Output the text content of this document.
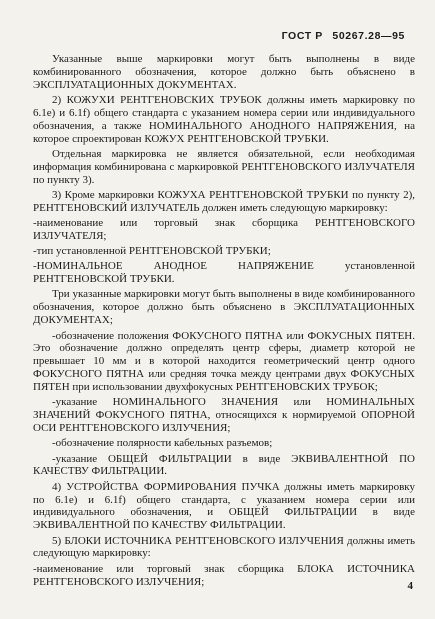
ГОСТ Р 50267.28—95

Указанные выше маркировки могут быть выполнены в виде комбинированного обозначения, которое должно быть объяснено в ЭКСПЛУАТАЦИОННЫХ ДОКУМЕНТАХ.

2) КОЖУХИ РЕНТГЕНОВСКИХ ТРУБОК должны иметь маркировку по 6.1е) и 6.1f) общего стандарта с указанием номера серии или индивидуального обозначения, а также НОМИНАЛЬНОГО АНОДНОГО НАПРЯЖЕНИЯ, на которое спроектирован КОЖУХ РЕНТГЕНОВСКОЙ ТРУБКИ.

Отдельная маркировка не является обязательной, если необходимая информация комбинирована с маркировкой РЕНТГЕНОВСКОГО ИЗЛУЧАТЕЛЯ по пункту 3).

3) Кроме маркировки КОЖУХА РЕНТГЕНОВСКОЙ ТРУБКИ по пункту 2), РЕНТГЕНОВСКИЙ ИЗЛУЧАТЕЛЬ должен иметь следующую маркировку:

-наименование или торговый знак сборщика РЕНТГЕНОВСКОГО ИЗЛУЧАТЕЛЯ;

-тип установленной РЕНТГЕНОВСКОЙ ТРУБКИ;

-НОМИНАЛЬНОЕ АНОДНОЕ НАПРЯЖЕНИЕ установленной РЕНТГЕНОВСКОЙ ТРУБКИ.

Три указанные маркировки могут быть выполнены в виде комбинированного обозначения, которое должно быть объяснено в ЭКСПЛУАТАЦИОННЫХ ДОКУМЕНТАХ;

-обозначение положения ФОКУСНОГО ПЯТНА или ФОКУСНЫХ ПЯТЕН. Это обозначение должно определять центр сферы, диаметр которой не превышает 10 мм и в которой находится геометрический центр одного ФОКУСНОГО ПЯТНА или средняя точка между центрами двух ФОКУСНЫХ ПЯТЕН при использовании двухфокусных РЕНТГЕНОВСКИХ ТРУБОК;

-указание НОМИНАЛЬНОГО ЗНАЧЕНИЯ или НОМИНАЛЬНЫХ ЗНАЧЕНИЙ ФОКУСНОГО ПЯТНА, относящихся к нормируемой ОПОРНОЙ ОСИ РЕНТГЕНОВСКОГО ИЗЛУЧЕНИЯ;

-обозначение полярности кабельных разъемов;

-указание ОБЩЕЙ ФИЛЬТРАЦИИ в виде ЭКВИВАЛЕНТНОЙ ПО КАЧЕСТВУ ФИЛЬТРАЦИИ.

4) УСТРОЙСТВА ФОРМИРОВАНИЯ ПУЧКА должны иметь маркировку по 6.1е) и 6.1f) общего стандарта, с указанием номера серии или индивидуального обозначения, и ОБЩЕЙ ФИЛЬТРАЦИИ в виде ЭКВИВАЛЕНТНОЙ ПО КАЧЕСТВУ ФИЛЬТРАЦИИ.

5) БЛОКИ ИСТОЧНИКА РЕНТГЕНОВСКОГО ИЗЛУЧЕНИЯ должны иметь следующую маркировку:

-наименование или торговый знак сборщика БЛОКА ИСТОЧНИКА РЕНТГЕНОВСКОГО ИЗЛУЧЕНИЯ;	4
